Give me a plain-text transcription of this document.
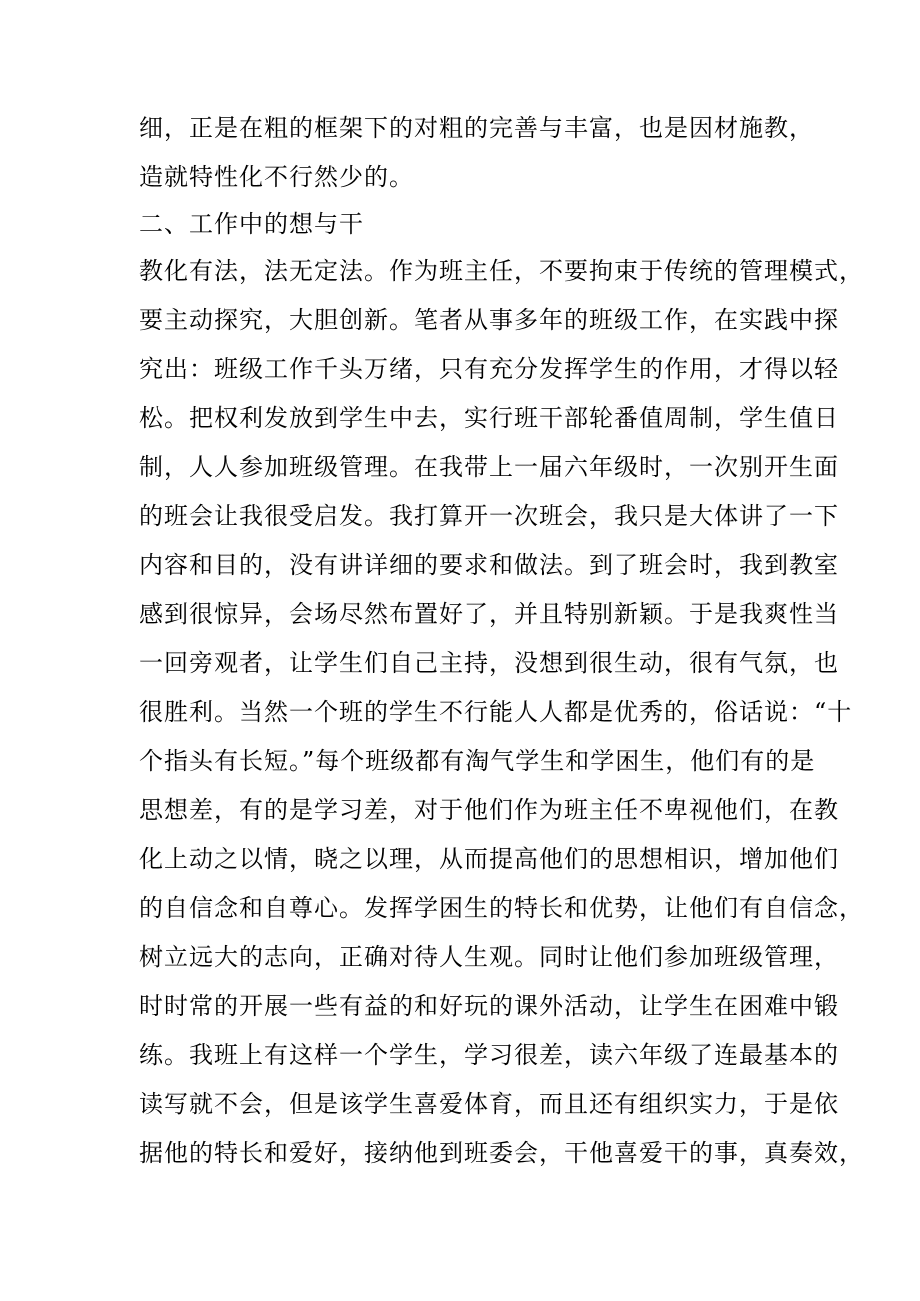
细，正是在粗的框架下的对粗的完善与丰富，也是因材施教，
造就特性化不行然少的。
二、工作中的想与干
教化有法，法无定法。作为班主任，不要拘束于传统的管理模式，
要主动探究，大胆创新。笔者从事多年的班级工作，在实践中探
究出：班级工作千头万绪，只有充分发挥学生的作用，才得以轻
松。把权利发放到学生中去，实行班干部轮番值周制，学生值日
制，人人参加班级管理。在我带上一届六年级时，一次别开生面
的班会让我很受启发。我打算开一次班会，我只是大体讲了一下
内容和目的，没有讲详细的要求和做法。到了班会时，我到教室
感到很惊异，会场尽然布置好了，并且特别新颖。于是我爽性当
一回旁观者，让学生们自己主持，没想到很生动，很有气氛，也
很胜利。当然一个班的学生不行能人人都是优秀的，俗话说：“十
个指头有长短。”每个班级都有淘气学生和学困生，他们有的是
思想差，有的是学习差，对于他们作为班主任不卑视他们，在教
化上动之以情，晓之以理，从而提高他们的思想相识，增加他们
的自信念和自尊心。发挥学困生的特长和优势，让他们有自信念，
树立远大的志向，正确对待人生观。同时让他们参加班级管理，
时时常的开展一些有益的和好玩的课外活动，让学生在困难中锻
练。我班上有这样一个学生，学习很差，读六年级了连最基本的
读写就不会，但是该学生喜爱体育，而且还有组织实力，于是依
据他的特长和爱好，接纳他到班委会，干他喜爱干的事，真奏效，
